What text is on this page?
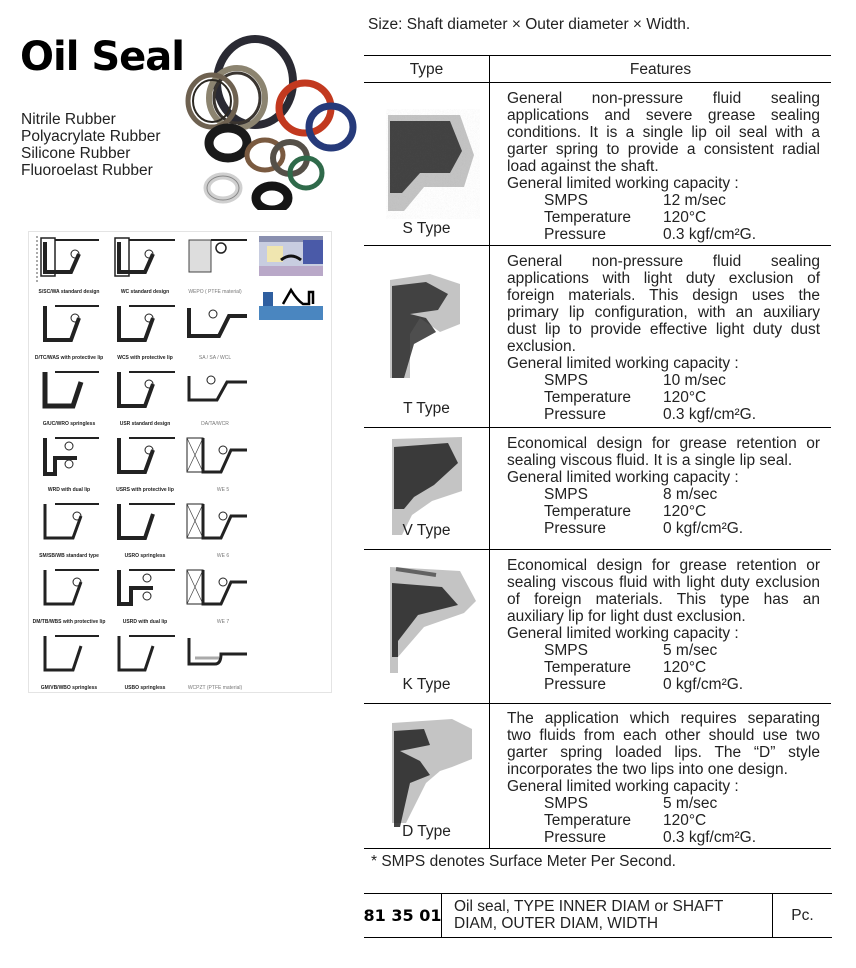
Oil Seal
Nitrile Rubber
Polyacrylate Rubber
Silicone Rubber
Fluoroelast Rubber
S/SC/WA standard design	WC standard design	WEPO ( PTFE material)
D/TC/WAS with protective lip	WCS with protective lip	SA / SA / WCL
G/UC/WRO springless	USR standard design	DA/TA/WCR
WRD with dual lip	USRS with protective lip	WE 5
SM/SB/WB standard type	USRO springless	WE 6
DM/TB/WBS with protective lip	USRD with dual lip	WE 7
GM/VB/WBO springless	USBO springless	WCPZT (PTFE material)
Size: Shaft diameter × Outer diameter × Width.
Type	Features
S Type
General non-pressure fluid sealing applications and severe grease sealing conditions. It is a single lip oil seal with a garter spring to provide a consistent radial load against the shaft.
General limited working capacity :
SMPS	12 m/sec
Temperature 120°C
Pressure	0.3 kgf/cm²G.
T Type
General non-pressure fluid sealing applications with light duty exclusion of foreign materials. This design uses the primary lip configuration, with an auxiliary dust lip to provide effective light duty dust exclusion.
General limited working capacity :
SMPS	10 m/sec
Temperature 120°C
Pressure	0.3 kgf/cm²G.
V Type
Economical design for grease retention or sealing viscous fluid. It is a single lip seal.
General limited working capacity :
SMPS	8 m/sec
Temperature 120°C
Pressure	0 kgf/cm²G.
K Type
Economical design for grease retention or sealing viscous fluid with light duty exclusion of foreign materials. This type has an auxiliary lip for light dust exclusion.
General limited working capacity :
SMPS	5 m/sec
Temperature 120°C
Pressure	0 kgf/cm²G.
D Type
The application which requires separating two fluids from each other should use two garter spring loaded lips. The “D” style incorporates the two lips into one design.
General limited working capacity :
SMPS	5 m/sec
Temperature 120°C
Pressure	0.3 kgf/cm²G.
* SMPS denotes Surface Meter Per Second.
81 35 01 Oil seal, TYPE INNER DIAM or SHAFT
DIAM, OUTER DIAM, WIDTH	Pc.
